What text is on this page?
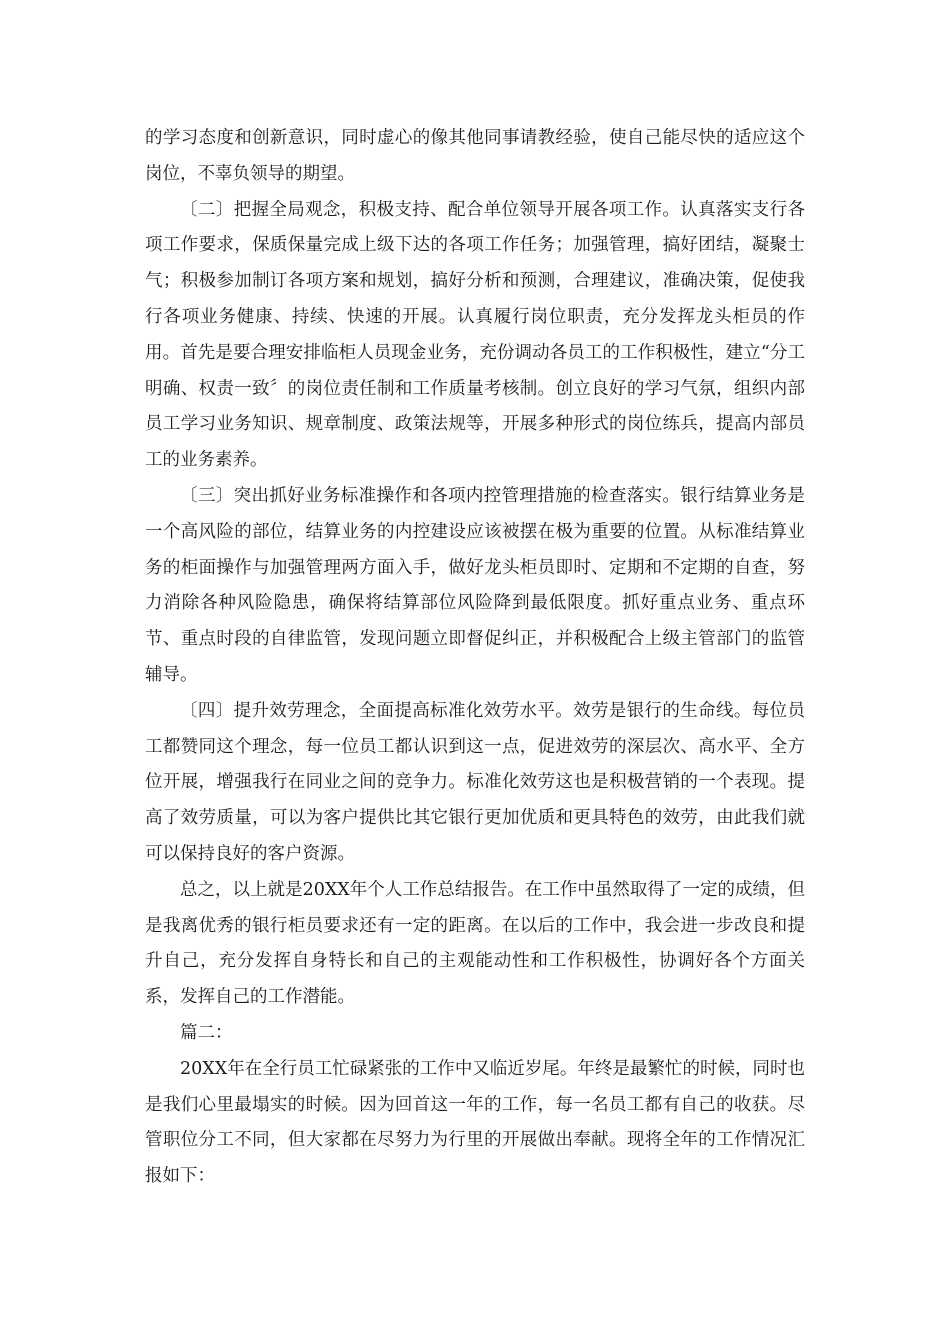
的学习态度和创新意识，同时虚心的像其他同事请教经验，使自己能尽快的适应这个岗位，不辜负领导的期望。

〔二〕把握全局观念，积极支持、配合单位领导开展各项工作。认真落实支行各项工作要求，保质保量完成上级下达的各项工作任务；加强管理，搞好团结，凝聚士气；积极参加制订各项方案和规划，搞好分析和预测，合理建议，准确决策，促使我行各项业务健康、持续、快速的开展。认真履行岗位职责，充分发挥龙头柜员的作用。首先是要合理安排临柜人员现金业务，充份调动各员工的工作积极性，建立“分工明确、权责一致〞的岗位责任制和工作质量考核制。创立良好的学习气氛，组织内部员工学习业务知识、规章制度、政策法规等，开展多种形式的岗位练兵，提高内部员工的业务素养。

〔三〕突出抓好业务标准操作和各项内控管理措施的检查落实。银行结算业务是一个高风险的部位，结算业务的内控建设应该被摆在极为重要的位置。从标准结算业务的柜面操作与加强管理两方面入手，做好龙头柜员即时、定期和不定期的自查，努力消除各种风险隐患，确保将结算部位风险降到最低限度。抓好重点业务、重点环节、重点时段的自律监管，发现问题立即督促纠正，并积极配合上级主管部门的监管辅导。

〔四〕提升效劳理念，全面提高标准化效劳水平。效劳是银行的生命线。每位员工都赞同这个理念，每一位员工都认识到这一点，促进效劳的深层次、高水平、全方位开展，增强我行在同业之间的竞争力。标准化效劳这也是积极营销的一个表现。提高了效劳质量，可以为客户提供比其它银行更加优质和更具特色的效劳，由此我们就可以保持良好的客户资源。

总之，以上就是20XX年个人工作总结报告。在工作中虽然取得了一定的成绩，但是我离优秀的银行柜员要求还有一定的距离。在以后的工作中，我会进一步改良和提升自己，充分发挥自身特长和自己的主观能动性和工作积极性，协调好各个方面关系，发挥自己的工作潜能。

篇二：

20XX年在全行员工忙碌紧张的工作中又临近岁尾。年终是最繁忙的时候，同时也是我们心里最塌实的时候。因为回首这一年的工作，每一名员工都有自己的收获。尽管职位分工不同，但大家都在尽努力为行里的开展做出奉献。现将全年的工作情况汇报如下：
